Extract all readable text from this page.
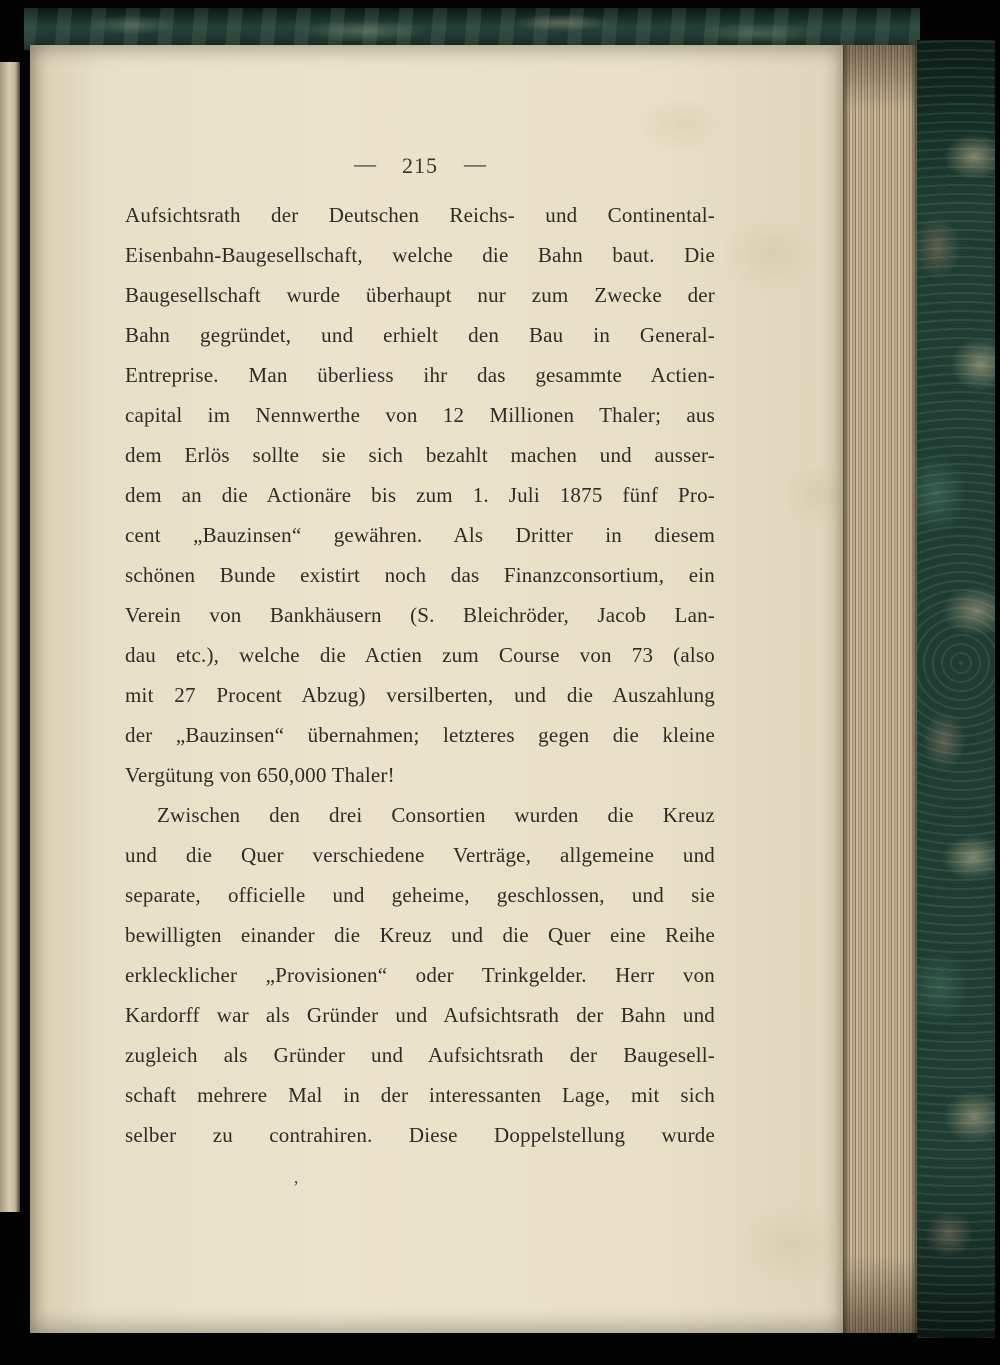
— 215 —
Aufsichtsrath der Deutschen Reichs- und Continental-
Eisenbahn-Baugesellschaft, welche die Bahn baut. Die
Baugesellschaft wurde überhaupt nur zum Zwecke der
Bahn gegründet, und erhielt den Bau in General-
Entreprise. Man überliess ihr das gesammte Actien-
capital im Nennwerthe von 12 Millionen Thaler; aus
dem Erlös sollte sie sich bezahlt machen und ausser-
dem an die Actionäre bis zum 1. Juli 1875 fünf Pro-
cent „Bauzinsen“ gewähren. Als Dritter in diesem
schönen Bunde existirt noch das Finanzconsortium, ein
Verein von Bankhäusern (S. Bleichröder, Jacob Lan-
dau etc.), welche die Actien zum Course von 73 (also
mit 27 Procent Abzug) versilberten, und die Auszahlung
der „Bauzinsen“ übernahmen; letzteres gegen die kleine
Vergütung von 650,000 Thaler!
Zwischen den drei Consortien wurden die Kreuz
und die Quer verschiedene Verträge, allgemeine und
separate, officielle und geheime, geschlossen, und sie
bewilligten einander die Kreuz und die Quer eine Reihe
erklecklicher „Provisionen“ oder Trinkgelder. Herr von
Kardorff war als Gründer und Aufsichtsrath der Bahn und
zugleich als Gründer und Aufsichtsrath der Baugesell-
schaft mehrere Mal in der interessanten Lage, mit sich
selber zu contrahiren. Diese Doppelstellung wurde
’
